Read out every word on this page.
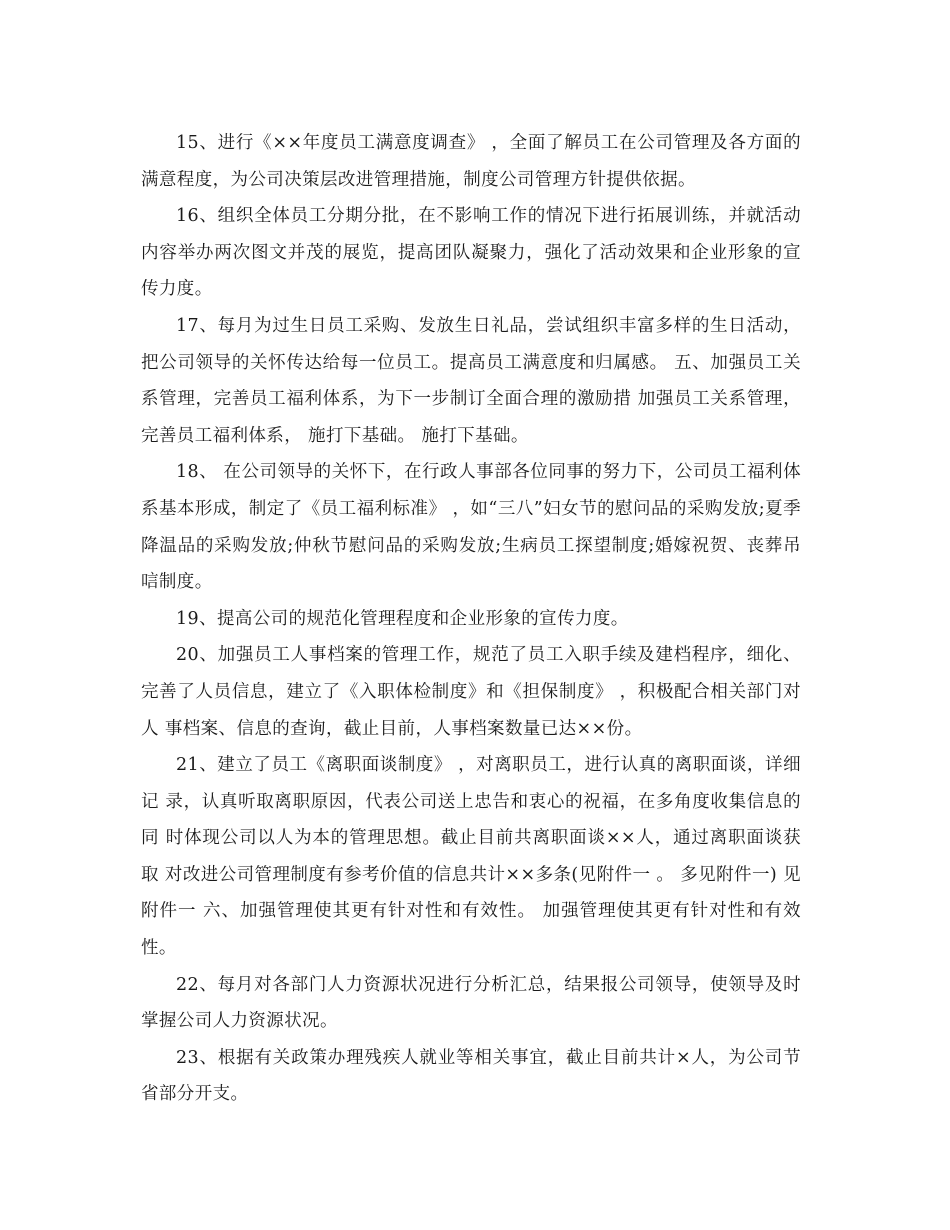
15、进行《××年度员工满意度调查》 ，全面了解员工在公司管理及各方面的 满意程度，为公司决策层改进管理措施，制度公司管理方针提供依据。

16、组织全体员工分期分批，在不影响工作的情况下进行拓展训练，并就活动 内容举办两次图文并茂的展览，提高团队凝聚力，强化了活动效果和企业形象的宣 传力度。

17、每月为过生日员工采购、发放生日礼品，尝试组织丰富多样的生日活动，把公司领导的关怀传达给每一位员工。提高员工满意度和归属感。 五、加强员工关系管理，完善员工福利体系，为下一步制订全面合理的激励措 加强员工关系管理，完善员工福利体系， 施打下基础。 施打下基础。

18、 在公司领导的关怀下，在行政人事部各位同事的努力下，公司员工福利体 系基本形成，制定了《员工福利标准》 ，如“三八”妇女节的慰问品的采购发放;夏季降温品的采购发放;仲秋节慰问品的采购发放;生病员工探望制度;婚嫁祝贺、丧葬吊唁制度。

19、提高公司的规范化管理程度和企业形象的宣传力度。

20、加强员工人事档案的管理工作，规范了员工入职手续及建档程序，细化、 完善了人员信息，建立了《入职体检制度》和《担保制度》 ，积极配合相关部门对人 事档案、信息的查询，截止目前，人事档案数量已达××份。

21、建立了员工《离职面谈制度》 ，对离职员工，进行认真的离职面谈，详细记 录，认真听取离职原因，代表公司送上忠告和衷心的祝福，在多角度收集信息的同 时体现公司以人为本的管理思想。截止目前共离职面谈××人，通过离职面谈获取 对改进公司管理制度有参考价值的信息共计××多条(见附件一 。 多见附件一) 见附件一 六、加强管理使其更有针对性和有效性。 加强管理使其更有针对性和有效性。

22、每月对各部门人力资源状况进行分析汇总，结果报公司领导，使领导及时 掌握公司人力资源状况。

23、根据有关政策办理残疾人就业等相关事宜，截止目前共计×人，为公司节 省部分开支。
